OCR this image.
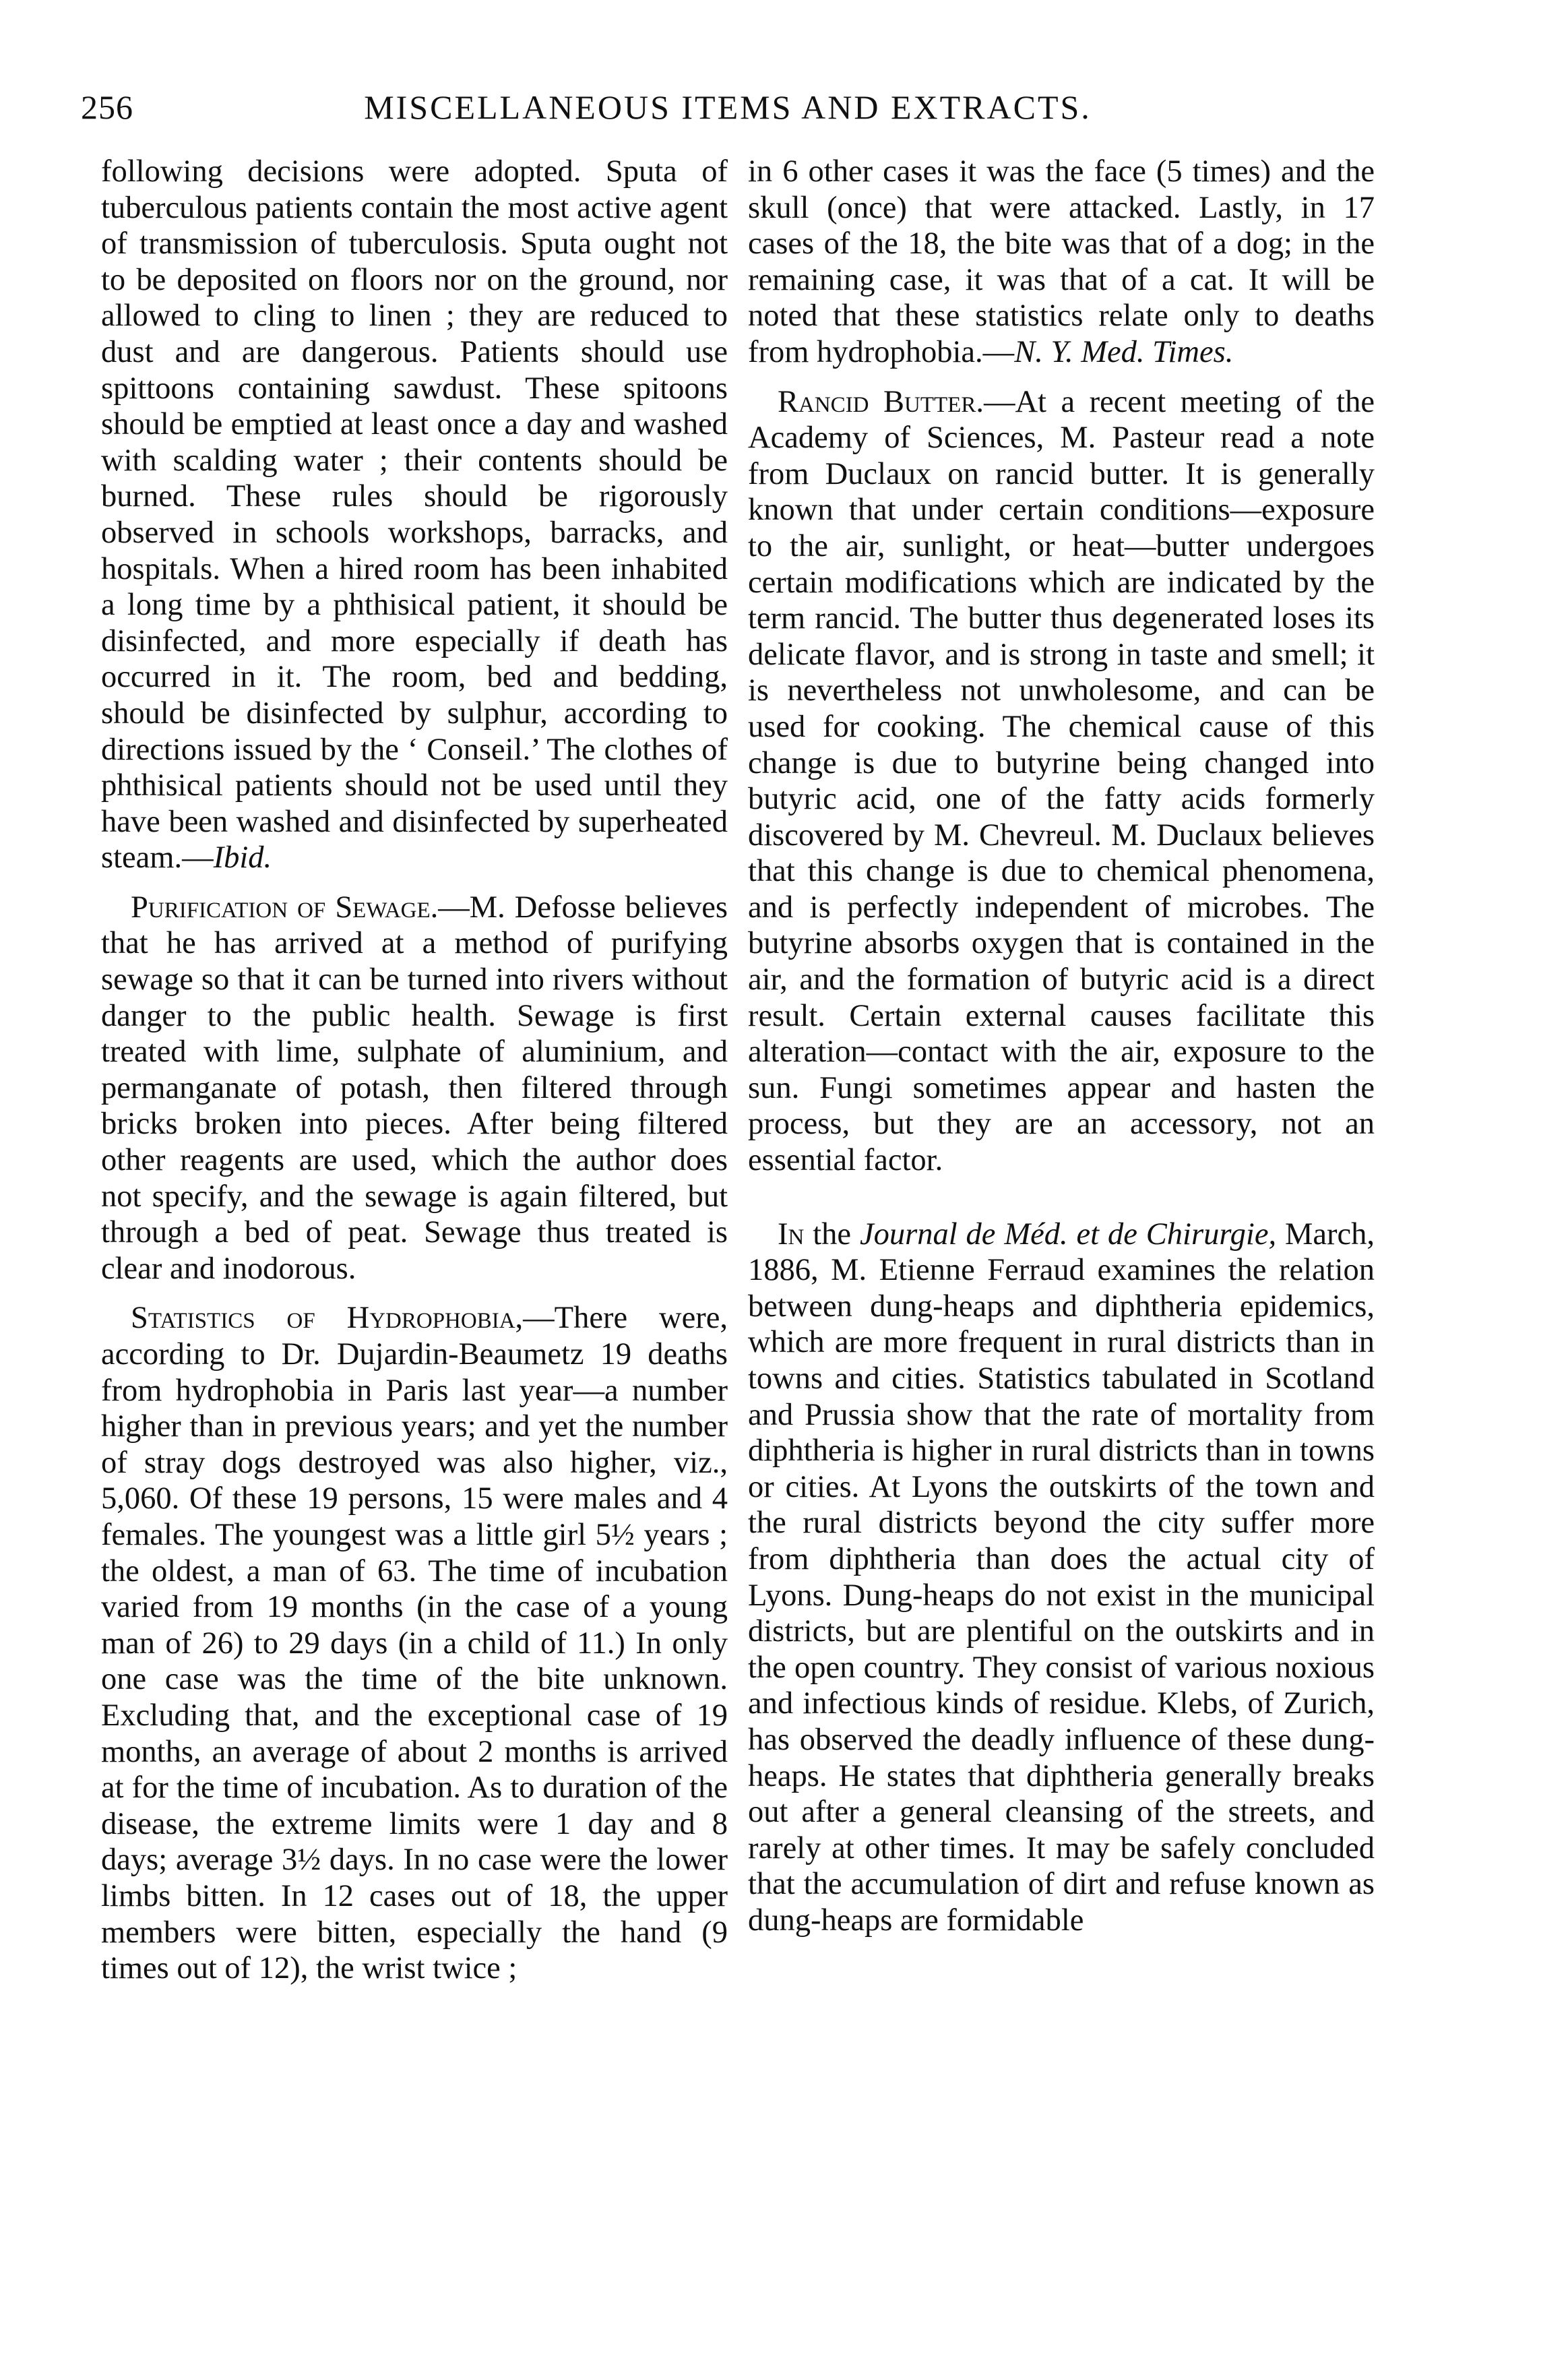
256	MISCELLANEOUS ITEMS AND EXTRACTS.

following decisions were adopted. Sputa of tuberculous patients contain the most active agent of transmission of tuberculosis. Sputa ought not to be deposited on floors nor on the ground, nor allowed to cling to linen ; they are reduced to dust and are dangerous. Patients should use spittoons containing sawdust. These spitoons should be emptied at least once a day and washed with scalding water ; their contents should be burned. These rules should be rigorously observed in schools workshops, barracks, and hospitals. When a hired room has been inhabited a long time by a phthisical patient, it should be disinfected, and more especially if death has occurred in it. The room, bed and bedding, should be disinfected by sulphur, according to directions issued by the ‘ Conseil.’ The clothes of phthisical patients should not be used until they have been washed and disinfected by superheated steam.—Ibid.

Purification of Sewage.—M. Defosse believes that he has arrived at a method of purifying sewage so that it can be turned into rivers without danger to the public health. Sewage is first treated with lime, sulphate of aluminium, and permanganate of potash, then filtered through bricks broken into pieces. After being filtered other reagents are used, which the author does not specify, and the sewage is again filtered, but through a bed of peat. Sewage thus treated is clear and inodorous.

Statistics of Hydrophobia,—There were, according to Dr. Dujardin-Beaumetz 19 deaths from hydrophobia in Paris last year—a number higher than in previous years; and yet the number of stray dogs destroyed was also higher, viz., 5,060. Of these 19 persons, 15 were males and 4 females. The youngest was a little girl 5½ years ; the oldest, a man of 63. The time of incubation varied from 19 months (in the case of a young man of 26) to 29 days (in a child of 11.) In only one case was the time of the bite unknown. Excluding that, and the exceptional case of 19 months, an average of about 2 months is arrived at for the time of incubation. As to duration of the disease, the extreme limits were 1 day and 8 days; average 3½ days. In no case were the lower limbs bitten. In 12 cases out of 18, the upper members were bitten, especially the hand (9 times out of 12), the wrist twice ;

in 6 other cases it was the face (5 times) and the skull (once) that were attacked. Lastly, in 17 cases of the 18, the bite was that of a dog; in the remaining case, it was that of a cat. It will be noted that these statistics relate only to deaths from hydrophobia.—N. Y. Med. Times.

Rancid Butter.—At a recent meeting of the Academy of Sciences, M. Pasteur read a note from Duclaux on rancid butter. It is generally known that under certain conditions—exposure to the air, sunlight, or heat—butter undergoes certain modifications which are indicated by the term rancid. The butter thus degenerated loses its delicate flavor, and is strong in taste and smell; it is nevertheless not unwholesome, and can be used for cooking. The chemical cause of this change is due to butyrine being changed into butyric acid, one of the fatty acids formerly discovered by M. Chevreul. M. Duclaux believes that this change is due to chemical phenomena, and is perfectly independent of microbes. The butyrine absorbs oxygen that is contained in the air, and the formation of butyric acid is a direct result. Certain external causes facilitate this alteration—contact with the air, exposure to the sun. Fungi sometimes appear and hasten the process, but they are an accessory, not an essential factor.

In the Journal de Méd. et de Chirurgie, March, 1886, M. Etienne Ferraud examines the relation between dung-heaps and diphtheria epidemics, which are more frequent in rural districts than in towns and cities. Statistics tabulated in Scotland and Prussia show that the rate of mortality from diphtheria is higher in rural districts than in towns or cities. At Lyons the outskirts of the town and the rural districts beyond the city suffer more from diphtheria than does the actual city of Lyons. Dung-heaps do not exist in the municipal districts, but are plentiful on the outskirts and in the open country. They consist of various noxious and infectious kinds of residue. Klebs, of Zurich, has observed the deadly influence of these dung-heaps. He states that diphtheria generally breaks out after a general cleansing of the streets, and rarely at other times. It may be safely concluded that the accumulation of dirt and refuse known as dung-heaps are formidable
